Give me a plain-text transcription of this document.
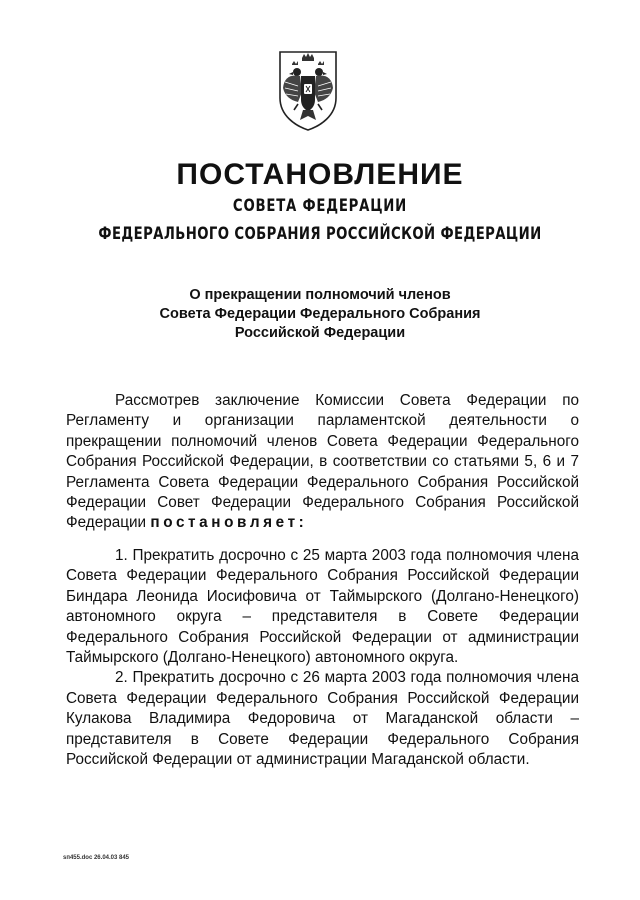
ПОСТАНОВЛЕНИЕ
СОВЕТА ФЕДЕРАЦИИ
ФЕДЕРАЛЬНОГО СОБРАНИЯ РОССИЙСКОЙ ФЕДЕРАЦИИ
О прекращении полномочий членов
Совета Федерации Федерального Собрания
Российской Федерации

Рассмотрев заключение Комиссии Совета Федерации по Регламенту и организации парламентской деятельности о прекращении полномочий членов Совета Федерации Федерального Собрания Российской Федерации, в соответствии со статьями 5, 6 и 7 Регламента Совета Федерации Федерального Собрания Российской Федерации Совет Федерации Федерального Собрания Российской Федерации постановляет:

1. Прекратить досрочно с 25 марта 2003 года полномочия члена Совета Федерации Федерального Собрания Российской Федерации Биндара Леонида Иосифовича от Таймырского (Долгано-Ненецкого) автономного округа – представителя в Совете Федерации Федерального Собрания Российской Федерации от администрации Таймырского (Долгано-Ненецкого) автономного округа.

2. Прекратить досрочно с 26 марта 2003 года полномочия члена Совета Федерации Федерального Собрания Российской Федерации Кулакова Владимира Федоровича от Магаданской области – представителя в Совете Федерации Федерального Собрания Российской Федерации от администрации Магаданской области.

sп455.doc 26.04.03 845
